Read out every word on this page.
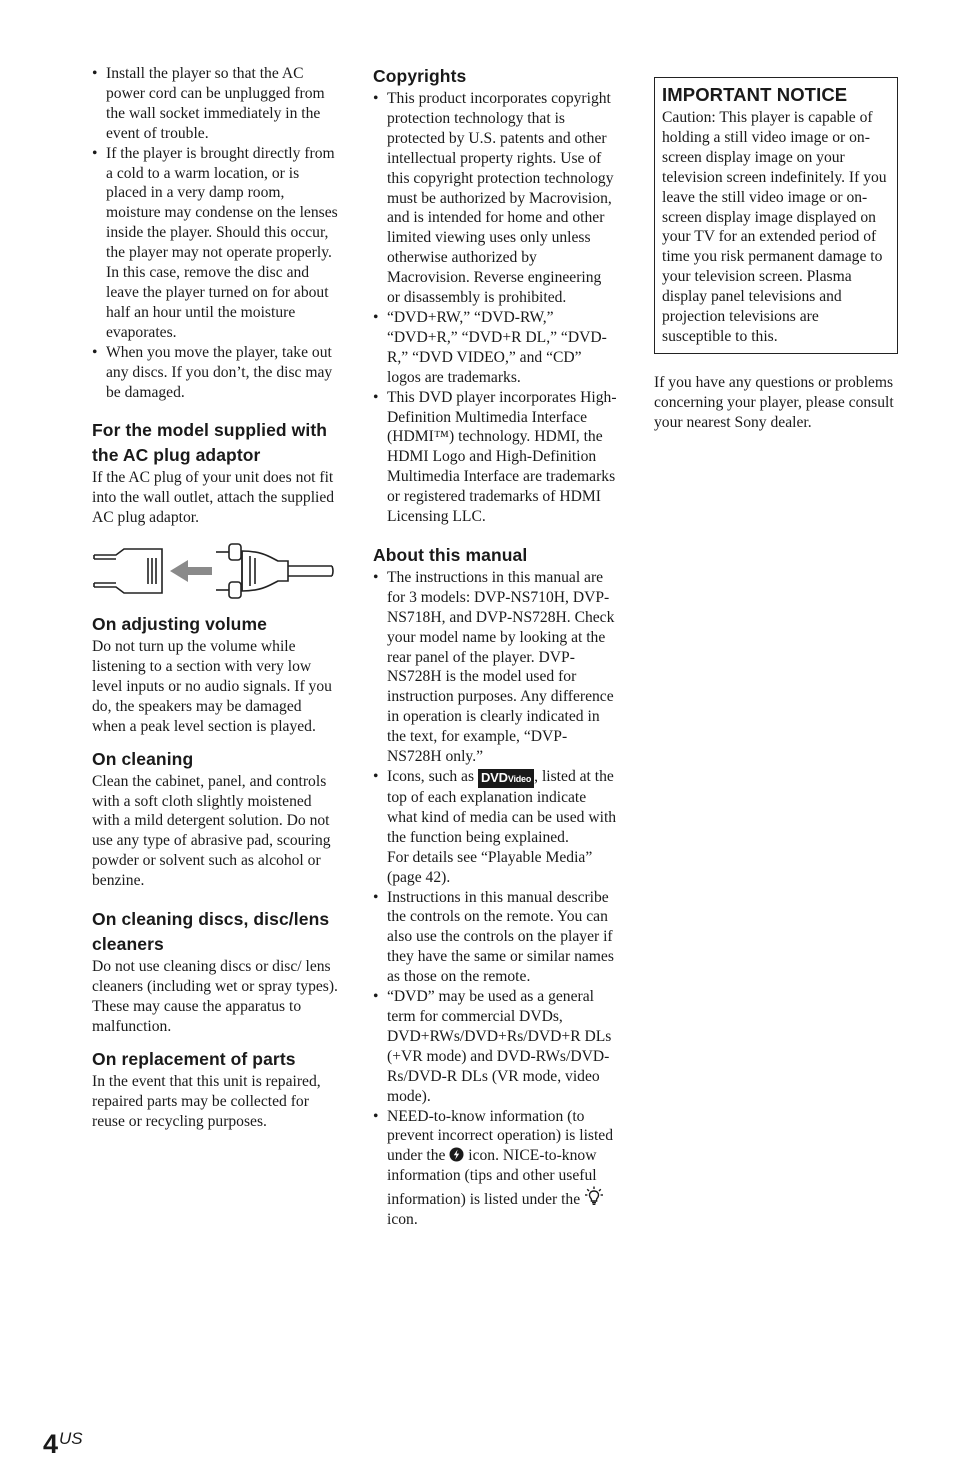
• Install the player so that the AC power cord can be unplugged from the wall socket immediately in the event of trouble.
• If the player is brought directly from a cold to a warm location, or is placed in a very damp room, moisture may condense on the lenses inside the player. Should this occur, the player may not operate properly. In this case, remove the disc and leave the player turned on for about half an hour until the moisture evaporates.
• When you move the player, take out any discs. If you don’t, the disc may be damaged.
For the model supplied with the AC plug adaptor

If the AC plug of your unit does not fit into the wall outlet, attach the supplied AC plug adaptor.

On adjusting volume

Do not turn up the volume while listening to a section with very low level inputs or no audio signals. If you do, the speakers may be damaged when a peak level section is played.

On cleaning

Clean the cabinet, panel, and controls with a soft cloth slightly moistened with a mild detergent solution. Do not use any type of abrasive pad, scouring powder or solvent such as alcohol or benzine.

On cleaning discs, disc/lens cleaners

Do not use cleaning discs or disc/ lens cleaners (including wet or spray types). These may cause the apparatus to malfunction.

On replacement of parts

In the event that this unit is repaired, repaired parts may be collected for reuse or recycling purposes.

Copyrights
• This product incorporates copyright protection technology that is protected by U.S. patents and other intellectual property rights. Use of this copyright protection technology must be authorized by Macrovision, and is intended for home and other limited viewing uses only unless otherwise authorized by Macrovision. Reverse engineering or disassembly is prohibited.
• “DVD+RW,” “DVD-RW,” “DVD+R,” “DVD+R DL,” “DVD-R,” “DVD VIDEO,” and “CD” logos are trademarks.
• This DVD player incorporates High-Definition Multimedia Interface (HDMI™) technology. HDMI, the HDMI Logo and High-Definition Multimedia Interface are trademarks or registered trademarks of HDMI Licensing LLC.
About this manual
• The instructions in this manual are for 3 models: DVP-NS710H, DVP-NS718H, and DVP-NS728H. Check your model name by looking at the rear panel of the player. DVP-NS728H is the model used for instruction purposes. Any difference in operation is clearly indicated in the text, for example, “DVP-NS728H only.”
• Icons, such as DVDVideo , listed at the top of each explanation indicate what kind of media can be used with the function being explained.
For details see “Playable Media” (page 42).
• Instructions in this manual describe the controls on the remote. You can also use the controls on the player if they have the same or similar names as those on the remote.
• “DVD” may be used as a general term for commercial DVDs, DVD+RWs/DVD+Rs/DVD+R DLs (+VR mode) and DVD-RWs/DVD-Rs/DVD-R DLs (VR mode, video mode).
• NEED-to-know information (to prevent incorrect operation) is listed under the  icon. NICE-to-know information (tips and other useful information) is listed under the  icon.
IMPORTANT NOTICE

Caution: This player is capable of holding a still video image or on-screen display image on your television screen indefinitely. If you leave the still video image or on-screen display image displayed on your TV for an extended period of time you risk permanent damage to your television screen. Plasma display panel televisions and projection televisions are susceptible to this.

If you have any questions or problems concerning your player, please consult your nearest Sony dealer.

$4^{US}$
